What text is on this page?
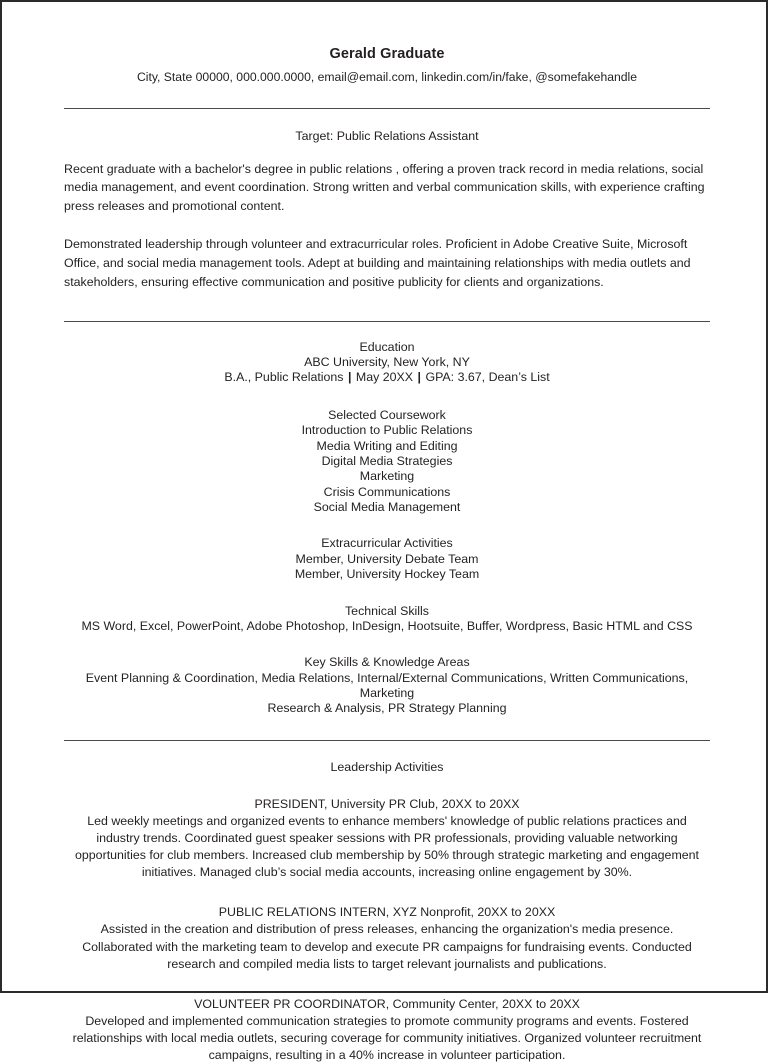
Gerald Graduate
City, State 00000, 000.000.0000, email@email.com, linkedin.com/in/fake, @somefakehandle
Target: Public Relations Assistant
Recent graduate with a bachelor's degree in public relations , offering a proven track record in media relations, social media management, and event coordination. Strong written and verbal communication skills, with experience crafting press releases and promotional content.
Demonstrated leadership through volunteer and extracurricular roles. Proficient in Adobe Creative Suite, Microsoft Office, and social media management tools. Adept at building and maintaining relationships with media outlets and stakeholders, ensuring effective communication and positive publicity for clients and organizations.
Education
ABC University, New York, NY
B.A., Public Relations | May 20XX | GPA: 3.67, Dean’s List
Selected Coursework
Introduction to Public Relations
Media Writing and Editing
Digital Media Strategies
Marketing
Crisis Communications
Social Media Management
Extracurricular Activities
Member, University Debate Team
Member, University Hockey Team
Technical Skills
MS Word, Excel, PowerPoint, Adobe Photoshop, InDesign, Hootsuite, Buffer, Wordpress, Basic HTML and CSS
Key Skills & Knowledge Areas
Event Planning & Coordination, Media Relations, Internal/External Communications, Written Communications, Marketing
Research & Analysis, PR Strategy Planning
Leadership Activities
PRESIDENT, University PR Club, 20XX to 20XX
Led weekly meetings and organized events to enhance members' knowledge of public relations practices and industry trends. Coordinated guest speaker sessions with PR professionals, providing valuable networking opportunities for club members. Increased club membership by 50% through strategic marketing and engagement initiatives. Managed club’s social media accounts, increasing online engagement by 30%.
PUBLIC RELATIONS INTERN, XYZ Nonprofit, 20XX to 20XX
Assisted in the creation and distribution of press releases, enhancing the organization's media presence. Collaborated with the marketing team to develop and execute PR campaigns for fundraising events. Conducted research and compiled media lists to target relevant journalists and publications.
VOLUNTEER PR COORDINATOR, Community Center, 20XX to 20XX
Developed and implemented communication strategies to promote community programs and events. Fostered relationships with local media outlets, securing coverage for community initiatives. Organized volunteer recruitment campaigns, resulting in a 40% increase in volunteer participation.
